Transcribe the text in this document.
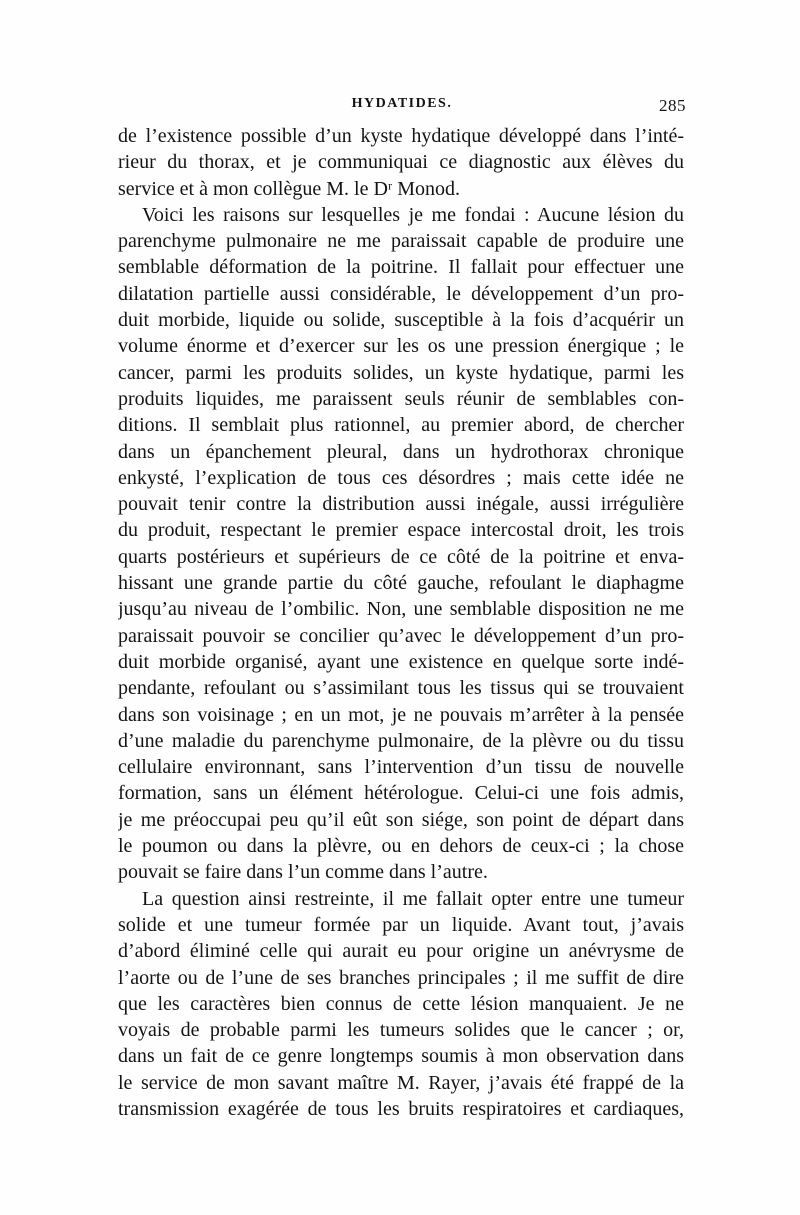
HYDATIDES.	285
de l’existence possible d’un kyste hydatique développé dans l’inté-
rieur du thorax, et je communiquai ce diagnostic aux élèves du
service et à mon collègue M. le Dʳ Monod.
Voici les raisons sur lesquelles je me fondai : Aucune lésion du
parenchyme pulmonaire ne me paraissait capable de produire une
semblable déformation de la poitrine. Il fallait pour effectuer une
dilatation partielle aussi considérable, le développement d’un pro-
duit morbide, liquide ou solide, susceptible à la fois d’acquérir un
volume énorme et d’exercer sur les os une pression énergique ; le
cancer, parmi les produits solides, un kyste hydatique, parmi les
produits liquides, me paraissent seuls réunir de semblables con-
ditions. Il semblait plus rationnel, au premier abord, de chercher
dans un épanchement pleural, dans un hydrothorax chronique
enkysté, l’explication de tous ces désordres ; mais cette idée ne
pouvait tenir contre la distribution aussi inégale, aussi irrégulière
du produit, respectant le premier espace intercostal droit, les trois
quarts postérieurs et supérieurs de ce côté de la poitrine et enva-
hissant une grande partie du côté gauche, refoulant le diaphagme
jusqu’au niveau de l’ombilic. Non, une semblable disposition ne me
paraissait pouvoir se concilier qu’avec le développement d’un pro-
duit morbide organisé, ayant une existence en quelque sorte indé-
pendante, refoulant ou s’assimilant tous les tissus qui se trouvaient
dans son voisinage ; en un mot, je ne pouvais m’arrêter à la pensée
d’une maladie du parenchyme pulmonaire, de la plèvre ou du tissu
cellulaire environnant, sans l’intervention d’un tissu de nouvelle
formation, sans un élément hétérologue. Celui-ci une fois admis,
je me préoccupai peu qu’il eût son siége, son point de départ dans
le poumon ou dans la plèvre, ou en dehors de ceux-ci ; la chose
pouvait se faire dans l’un comme dans l’autre.
La question ainsi restreinte, il me fallait opter entre une tumeur
solide et une tumeur formée par un liquide. Avant tout, j’avais
d’abord éliminé celle qui aurait eu pour origine un anévrysme de
l’aorte ou de l’une de ses branches principales ; il me suffit de dire
que les caractères bien connus de cette lésion manquaient. Je ne
voyais de probable parmi les tumeurs solides que le cancer ; or,
dans un fait de ce genre longtemps soumis à mon observation dans
le service de mon savant maître M. Rayer, j’avais été frappé de la
transmission exagérée de tous les bruits respiratoires et cardiaques,
